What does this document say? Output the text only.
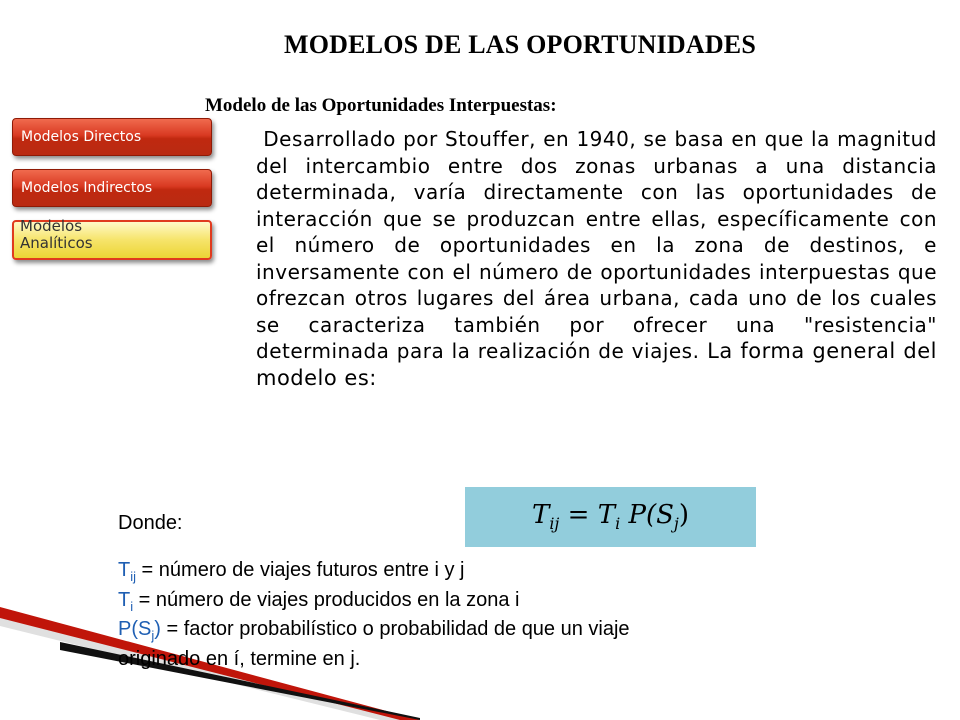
MODELOS DE LAS OPORTUNIDADES
Modelo de las Oportunidades Interpuestas:
Modelos Directos
Modelos Indirectos
Modelos
Analíticos
Desarrollado por Stouffer, en 1940, se basa en que la magnitud del intercambio entre dos zonas urbanas a una distancia determinada, varía directamente con las oportunidades de interacción que se produzcan entre ellas, específicamente con el número de oportunidades en la zona de destinos, e inversamente con el número de oportunidades interpuestas que ofrezcan otros lugares del área urbana, cada uno de los cuales se caracteriza también por ofrecer una "resistencia" determinada para la realización de viajes. La forma general del modelo es:
$T_{ij} = T_i$ $P(S_j)$
Donde:
$T_{ij}$ = número de viajes futuros entre i y j
$T_i$ = número de viajes producidos en la zona i
$P(S_j)$ = factor probabilístico o probabilidad de que un viaje
originado en í, termine en j.
